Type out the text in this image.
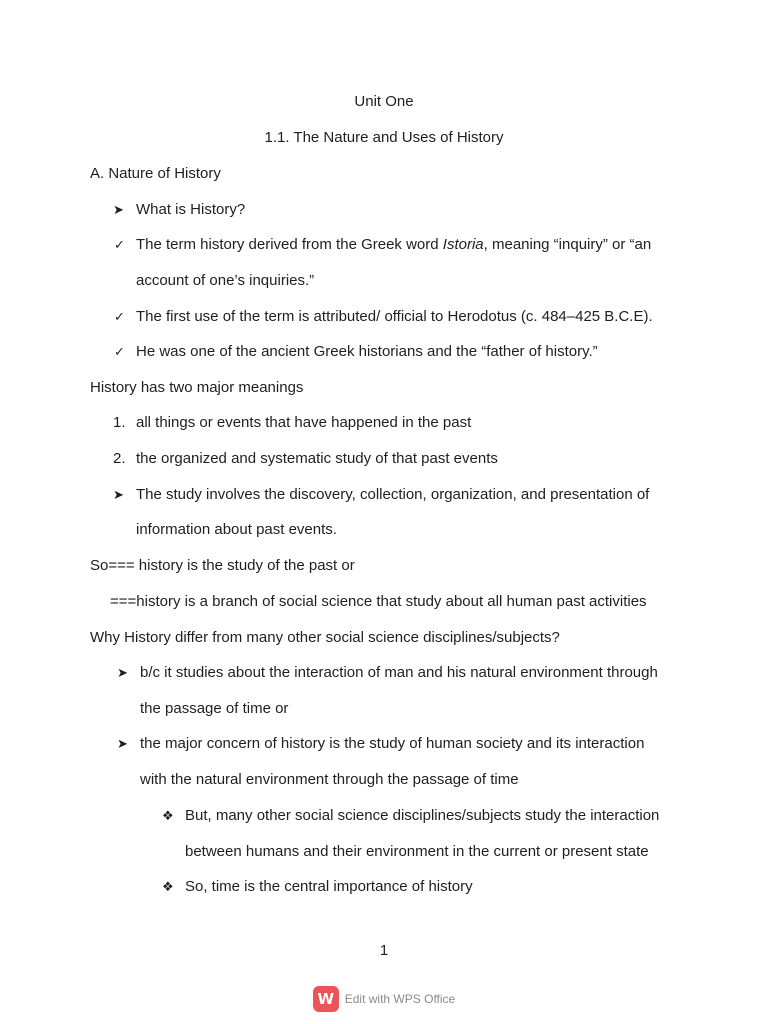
Unit One
1.1. The Nature and Uses of History
A. Nature of History
➤ What is History?
✓ The term history derived from the Greek word Istoria, meaning “inquiry” or “an
account of one’s inquiries.”
✓ The first use of the term is attributed/ official to Herodotus (c. 484–425 B.C.E).
✓ He was one of the ancient Greek historians and the “father of history.”
History has two major meanings
1. all things or events that have happened in the past
2. the organized and systematic study of that past events
➤ The study involves the discovery, collection, organization, and presentation of
information about past events.
So=== history is the study of the past or
===history is a branch of social science that study about all human past activities
Why History differ from many other social science disciplines/subjects?
➤ b/c it studies about the interaction of man and his natural environment through
the passage of time or
➤ the major concern of history is the study of human society and its interaction
with the natural environment through the passage of time
❖ But, many other social science disciplines/subjects study the interaction
between humans and their environment in the current or present state
❖ So, time is the central importance of history
1
W Edit with WPS Office
